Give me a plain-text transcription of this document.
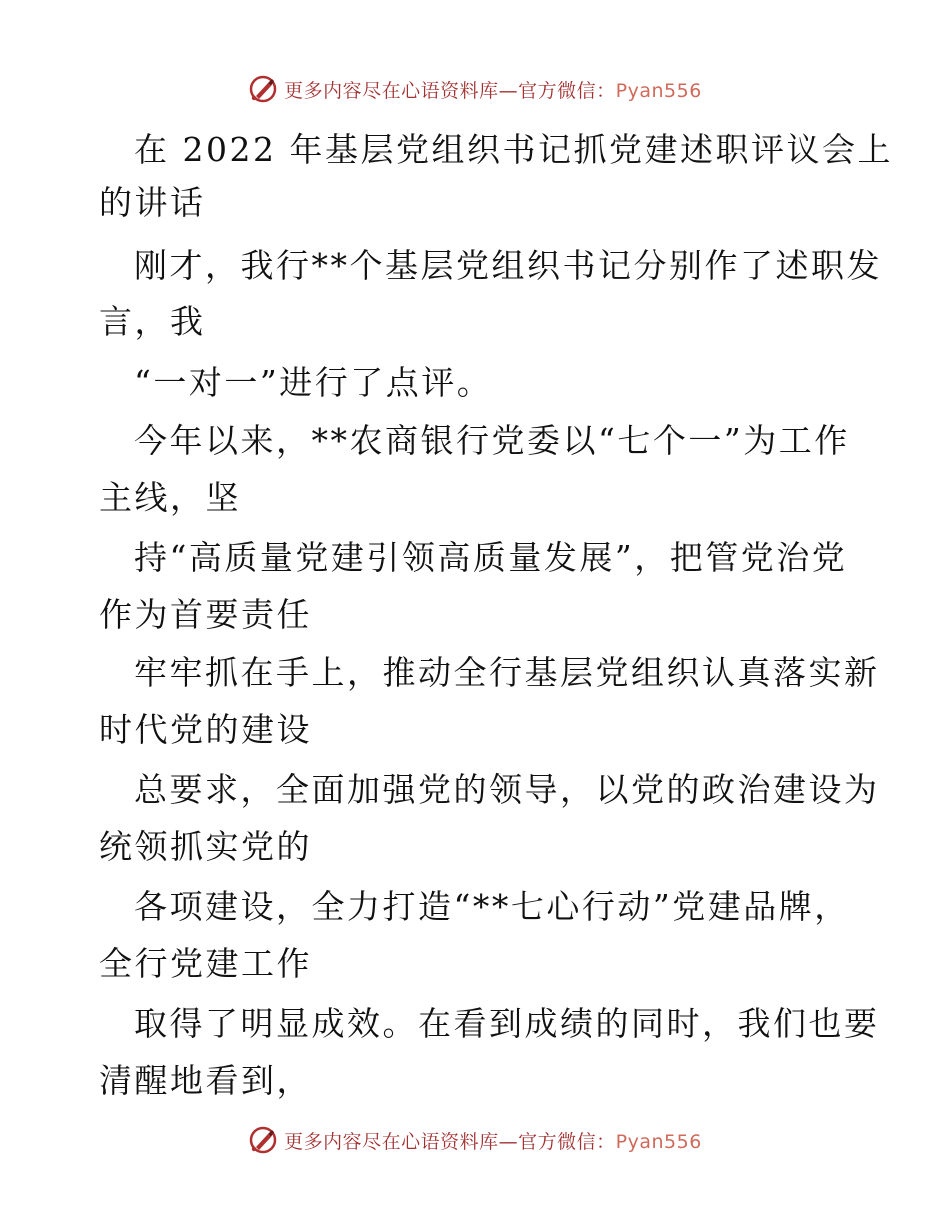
更多内容尽在心语资料库—官方微信：Pyan556
在 2022 年基层党组织书记抓党建述职评议会上
的讲话
刚才，我行**个基层党组织书记分别作了述职发
言，我
“一对一”进行了点评。
今年以来，**农商银行党委以“七个一”为工作
主线，坚
持“高质量党建引领高质量发展”，把管党治党
作为首要责任
牢牢抓在手上，推动全行基层党组织认真落实新
时代党的建设
总要求，全面加强党的领导，以党的政治建设为
统领抓实党的
各项建设，全力打造“**七心行动”党建品牌，
全行党建工作
取得了明显成效。在看到成绩的同时，我们也要
清醒地看到，
更多内容尽在心语资料库—官方微信：Pyan556
